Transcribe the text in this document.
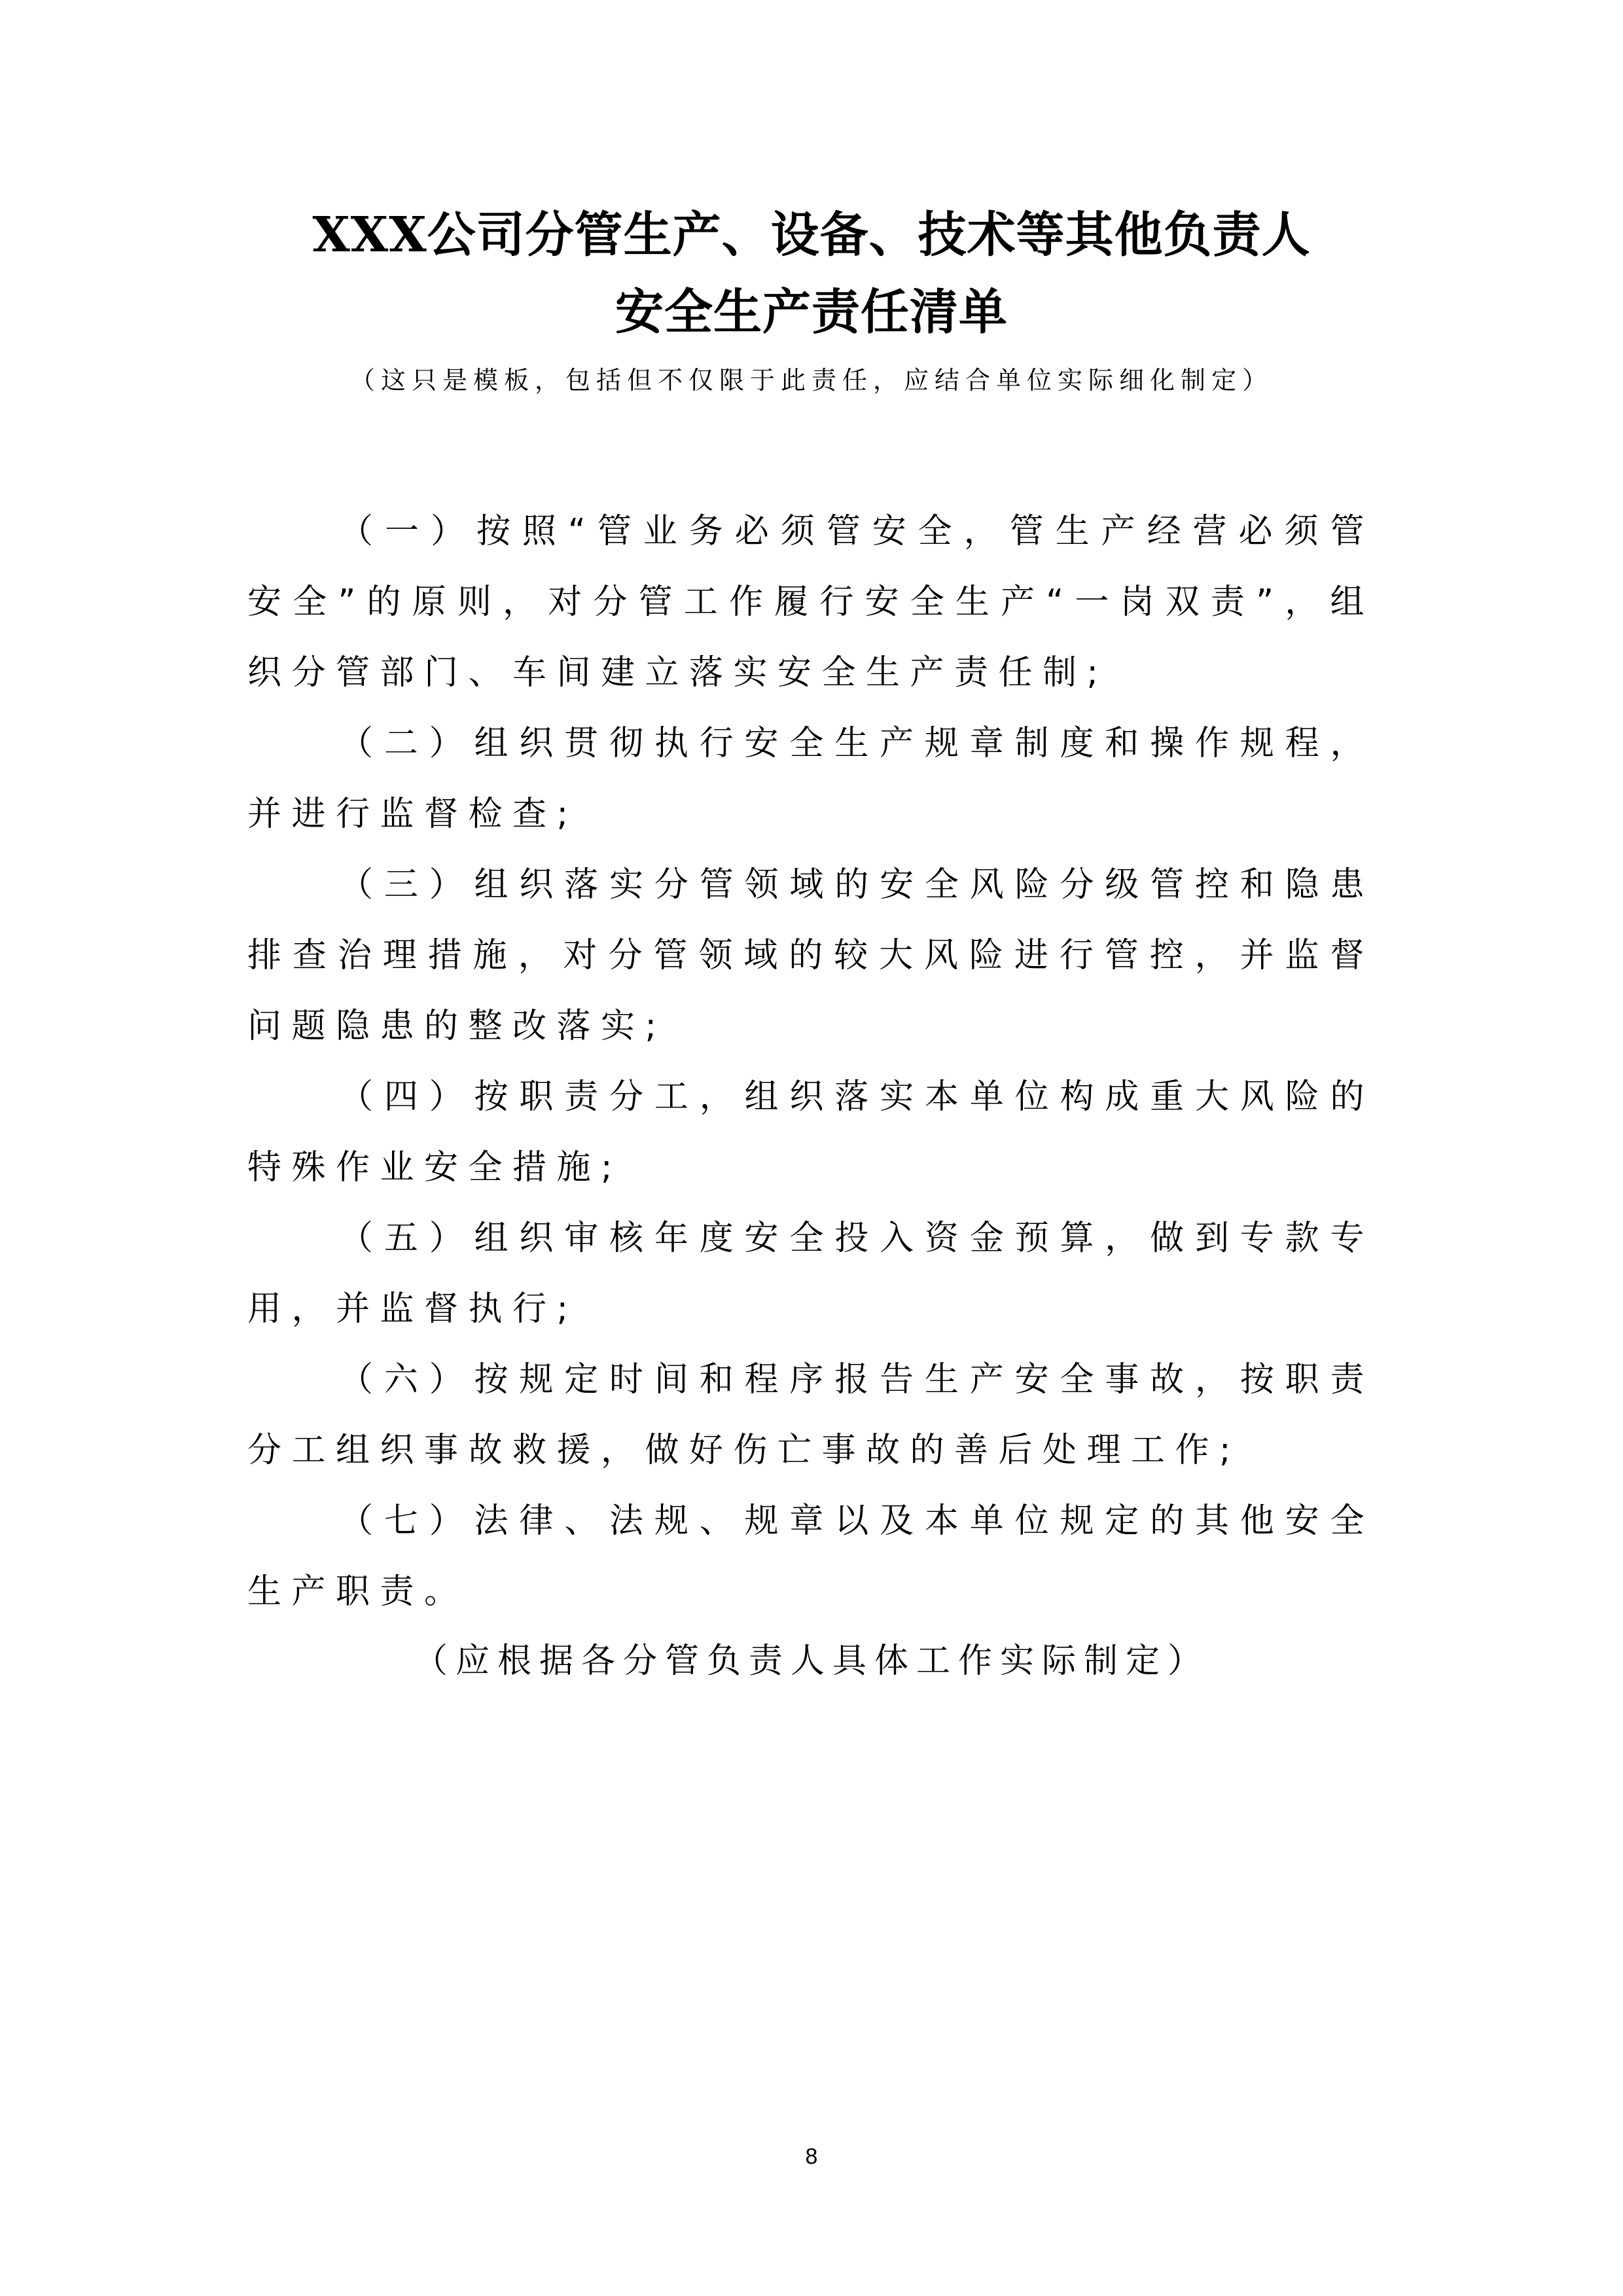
XXX公司分管生产、设备、技术等其他负责人
安全生产责任清单
（这只是模板，包括但不仅限于此责任，应结合单位实际细化制定）

（一）按照“管业务必须管安全，管生产经营必须管安全”的原则，对分管工作履行安全生产“一岗双责”，组织分管部门、车间建立落实安全生产责任制;

（二）组织贯彻执行安全生产规章制度和操作规程，并进行监督检查;

（三）组织落实分管领域的安全风险分级管控和隐患排查治理措施，对分管领域的较大风险进行管控，并监督问题隐患的整改落实;

（四）按职责分工，组织落实本单位构成重大风险的特殊作业安全措施;

（五）组织审核年度安全投入资金预算，做到专款专用，并监督执行;

（六）按规定时间和程序报告生产安全事故，按职责分工组织事故救援，做好伤亡事故的善后处理工作;

（七）法律、法规、规章以及本单位规定的其他安全生产职责。

（应根据各分管负责人具体工作实际制定）
8
